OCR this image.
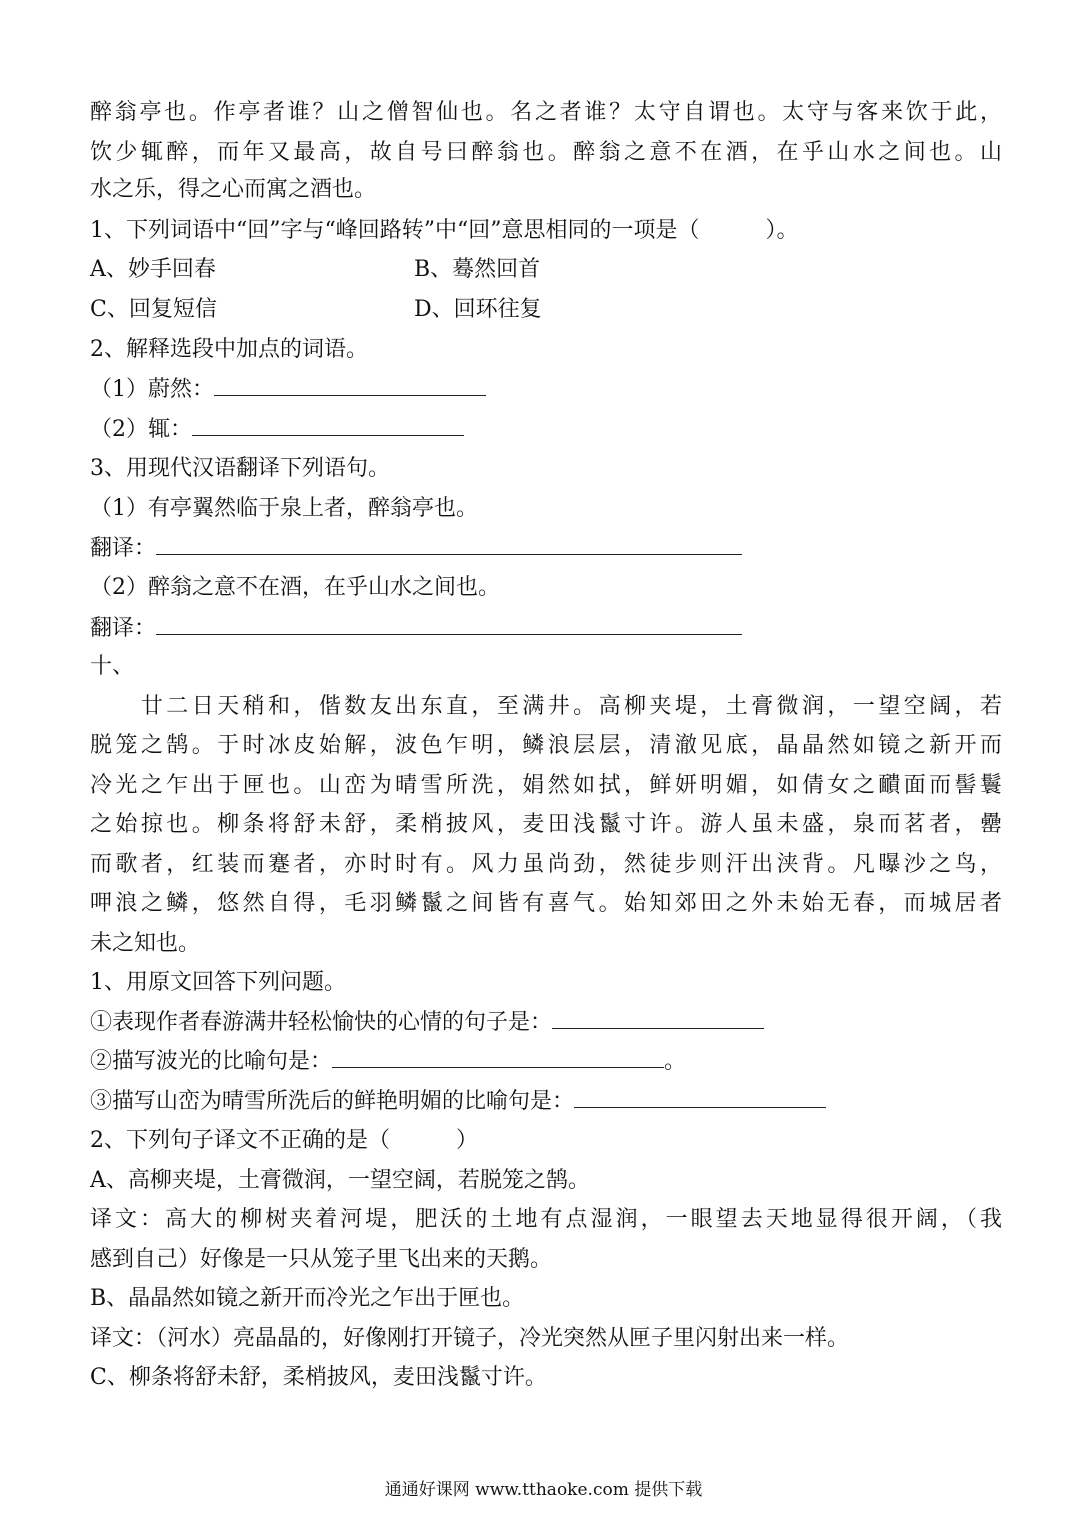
醉翁亭也。作亭者谁？山之僧智仙也。名之者谁？太守自谓也。太守与客来饮于此，
饮少辄醉，而年又最高，故自号曰醉翁也。醉翁之意不在酒，在乎山水之间也。山
水之乐，得之心而寓之酒也。
1、下列词语中“回”字与“峰回路转”中“回”意思相同的一项是（　　　）。
A、妙手回春	B、蓦然回首
C、回复短信	D、回环往复
2、解释选段中加点的词语。
（1）蔚然：
（2）辄：
3、用现代汉语翻译下列语句。
（1）有亭翼然临于泉上者，醉翁亭也。
翻译：
（2）醉翁之意不在酒，在乎山水之间也。
翻译：
十、
　　廿二日天稍和，偕数友出东直，至满井。高柳夹堤，土膏微润，一望空阔，若
脱笼之鹄。于时冰皮始解，波色乍明，鳞浪层层，清澈见底，晶晶然如镜之新开而
冷光之乍出于匣也。山峦为晴雪所洗，娟然如拭，鲜妍明媚，如倩女之靧面而髻鬟
之始掠也。柳条将舒未舒，柔梢披风，麦田浅鬣寸许。游人虽未盛，泉而茗者，罍
而歌者，红装而蹇者，亦时时有。风力虽尚劲，然徒步则汗出浃背。凡曝沙之鸟，
呷浪之鳞，悠然自得，毛羽鳞鬣之间皆有喜气。始知郊田之外未始无春，而城居者
未之知也。
1、用原文回答下列问题。
①表现作者春游满井轻松愉快的心情的句子是：
②描写波光的比喻句是：	。
③描写山峦为晴雪所洗后的鲜艳明媚的比喻句是：
2、下列句子译文不正确的是（　　　）
A、高柳夹堤，土膏微润，一望空阔，若脱笼之鹄。
译文：高大的柳树夹着河堤，肥沃的土地有点湿润，一眼望去天地显得很开阔，（我
感到自己）好像是一只从笼子里飞出来的天鹅。
B、晶晶然如镜之新开而冷光之乍出于匣也。
译文：（河水）亮晶晶的，好像刚打开镜子，冷光突然从匣子里闪射出来一样。
C、柳条将舒未舒，柔梢披风，麦田浅鬣寸许。
通通好课网 www.tthaoke.com 提供下载
